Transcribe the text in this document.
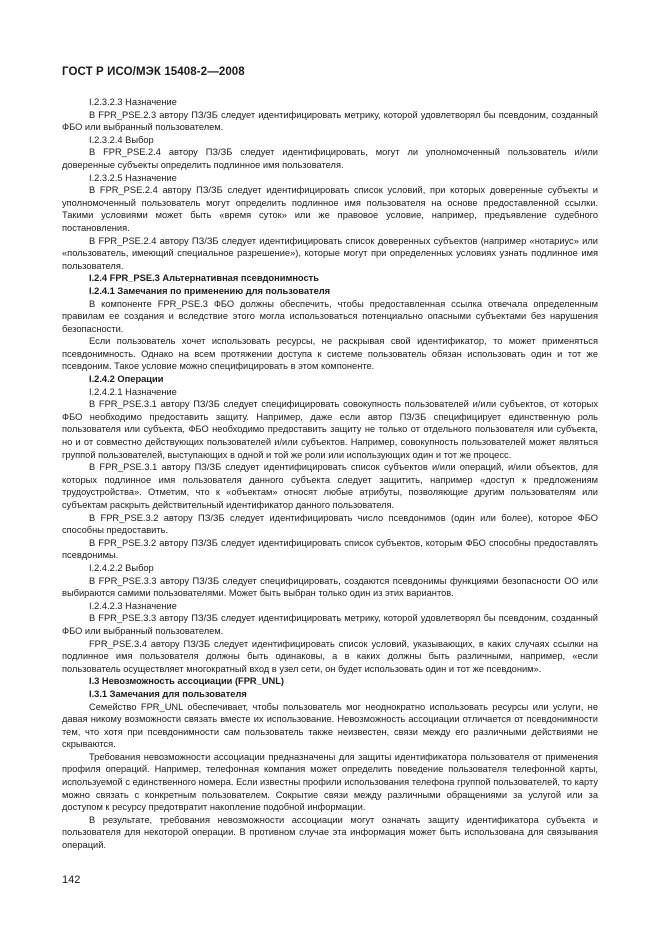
ГОСТ Р ИСО/МЭК 15408-2—2008

I.2.3.2.3 Назначение

В FPR_PSE.2.3 автору ПЗ/ЗБ следует идентифицировать метрику, которой удовлетворял бы псевдоним, созданный ФБО или выбранный пользователем.

I.2.3.2.4 Выбор

В FPR_PSE.2.4 автору ПЗ/ЗБ следует идентифицировать, могут ли уполномоченный пользователь и/или доверенные субъекты определить подлинное имя пользователя.

I.2.3.2.5 Назначение

В FPR_PSE.2.4 автору ПЗ/ЗБ следует идентифицировать список условий, при которых доверенные субъекты и уполномоченный пользователь могут определить подлинное имя пользователя на основе предоставленной ссылки. Такими условиями может быть «время суток» или же правовое условие, например, предъявление судебного постановления.

В FPR_PSE.2.4 автору ПЗ/ЗБ следует идентифицировать список доверенных субъектов (например «нотариус» или «пользователь, имеющий специальное разрешение»), которые могут при определенных условиях узнать подлинное имя пользователя.

I.2.4 FPR_PSE.3 Альтернативная псевдонимность

I.2.4.1 Замечания по применению для пользователя

В компоненте FPR_PSE.3 ФБО должны обеспечить, чтобы предоставленная ссылка отвечала определенным правилам ее создания и вследствие этого могла использоваться потенциально опасными субъектами без нарушения безопасности.

Если пользователь хочет использовать ресурсы, не раскрывая свой идентификатор, то может применяться псевдонимность. Однако на всем протяжении доступа к системе пользователь обязан использовать один и тот же псевдоним. Такое условие можно специфицировать в этом компоненте.

I.2.4.2 Операции

I.2.4.2.1 Назначение

В FPR_PSE.3.1 автору ПЗ/ЗБ следует специфицировать совокупность пользователей и/или субъектов, от которых ФБО необходимо предоставить защиту. Например, даже если автор ПЗ/ЗБ специфицирует единственную роль пользователя или субъекта, ФБО необходимо предоставить защиту не только от отдельного пользователя или субъекта, но и от совместно действующих пользователей и/или субъектов. Например, совокупность пользователей может являться группой пользователей, выступающих в одной и той же роли или использующих один и тот же процесс.

В FPR_PSE.3.1 автору ПЗ/ЗБ следует идентифицировать список субъектов и/или операций, и/или объектов, для которых подлинное имя пользователя данного субъекта следует защитить, например «доступ к предложениям трудоустройства». Отметим, что к «объектам» относят любые атрибуты, позволяющие другим пользователям или субъектам раскрыть действительный идентификатор данного пользователя.

В FPR_PSE.3.2 автору ПЗ/ЗБ следует идентифицировать число псевдонимов (один или более), которое ФБО способны предоставить.

В FPR_PSE.3.2 автору ПЗ/ЗБ следует идентифицировать список субъектов, которым ФБО способны предоставлять псевдонимы.

I.2.4.2.2 Выбор

В FPR_PSE.3.3 автору ПЗ/ЗБ следует специфицировать, создаются псевдонимы функциями безопасности ОО или выбираются самими пользователями. Может быть выбран только один из этих вариантов.

I.2.4.2.3 Назначение

В FPR_PSE.3.3 автору ПЗ/ЗБ следует идентифицировать метрику, которой удовлетворял бы псевдоним, созданный ФБО или выбранный пользователем.

FPR_PSE.3.4 автору ПЗ/ЗБ следует идентифицировать список условий, указывающих, в каких случаях ссылки на подлинное имя пользователя должны быть одинаковы, а в каких должны быть различными, например, «если пользователь осуществляет многократный вход в узел сети, он будет использовать один и тот же псевдоним».

I.3 Невозможность ассоциации (FPR_UNL)

I.3.1 Замечания для пользователя

Семейство FPR_UNL обеспечивает, чтобы пользователь мог неоднократно использовать ресурсы или услуги, не давая никому возможности связать вместе их использование. Невозможность ассоциации отличается от псевдонимности тем, что хотя при псевдонимности сам пользователь также неизвестен, связи между его различными действиями не скрываются.

Требования невозможности ассоциации предназначены для защиты идентификатора пользователя от применения профиля операций. Например, телефонная компания может определить поведение пользователя телефонной карты, используемой с единственного номера. Если известны профили использования телефона группой пользователей, то карту можно связать с конкретным пользователем. Сокрытие связи между различными обращениями за услугой или за доступом к ресурсу предотвратит накопление подобной информации.

В результате, требования невозможности ассоциации могут означать защиту идентификатора субъекта и пользователя для некоторой операции. В противном случае эта информация может быть использована для связывания операций.

142
